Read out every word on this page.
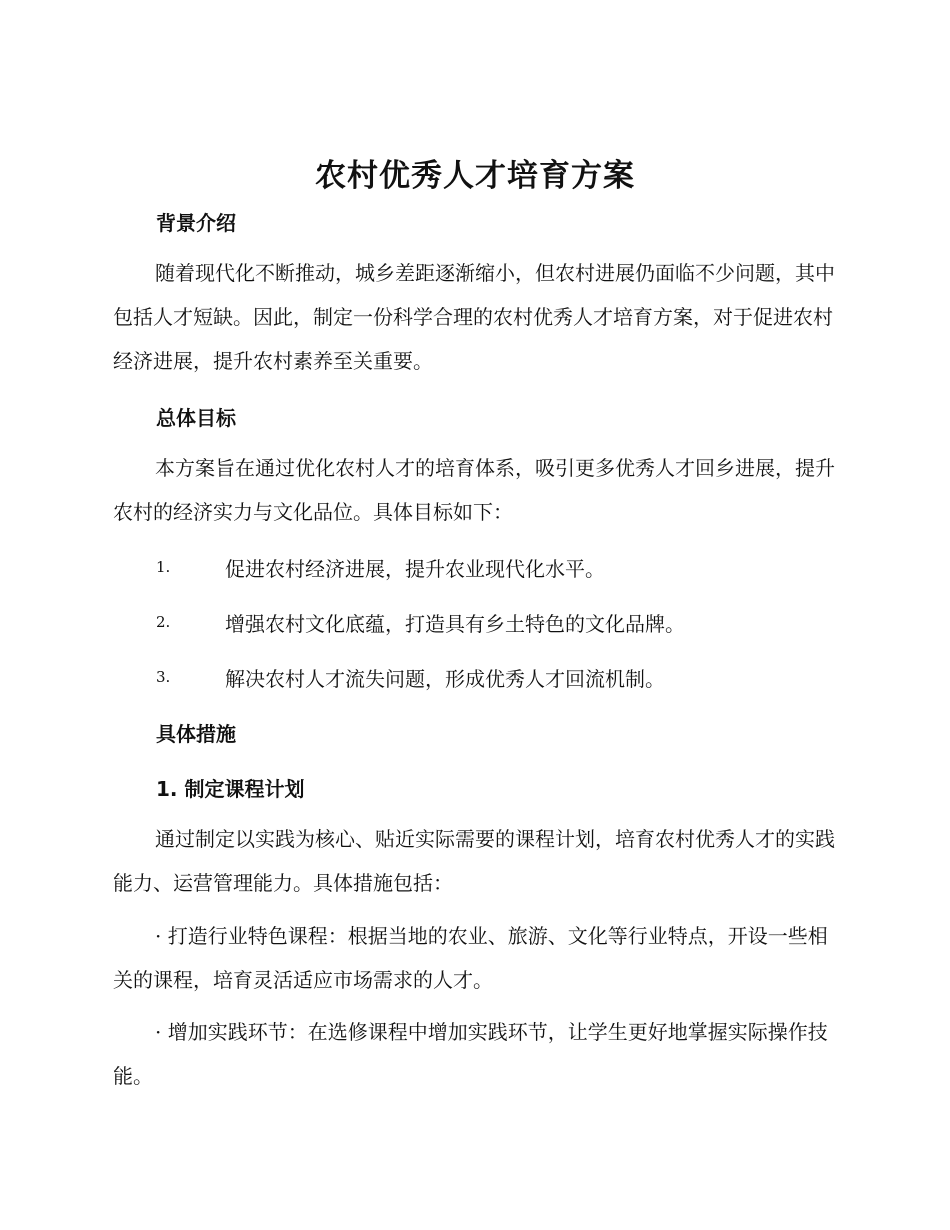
农村优秀人才培育方案
背景介绍

随着现代化不断推动，城乡差距逐渐缩小，但农村进展仍面临不少问题，其中包括人才短缺。因此，制定一份科学合理的农村优秀人才培育方案，对于促进农村经济进展，提升农村素养至关重要。

总体目标

本方案旨在通过优化农村人才的培育体系，吸引更多优秀人才回乡进展，提升农村的经济实力与文化品位。具体目标如下：

1.	促进农村经济进展，提升农业现代化水平。
2.	增强农村文化底蕴，打造具有乡土特色的文化品牌。
3.	解决农村人才流失问题，形成优秀人才回流机制。
具体措施
1. 制定课程计划

通过制定以实践为核心、贴近实际需要的课程计划，培育农村优秀人才的实践能力、运营管理能力。具体措施包括：

· 打造行业特色课程：根据当地的农业、旅游、文化等行业特点，开设一些相关的课程，培育灵活适应市场需求的人才。

· 增加实践环节：在选修课程中增加实践环节，让学生更好地掌握实际操作技能。
